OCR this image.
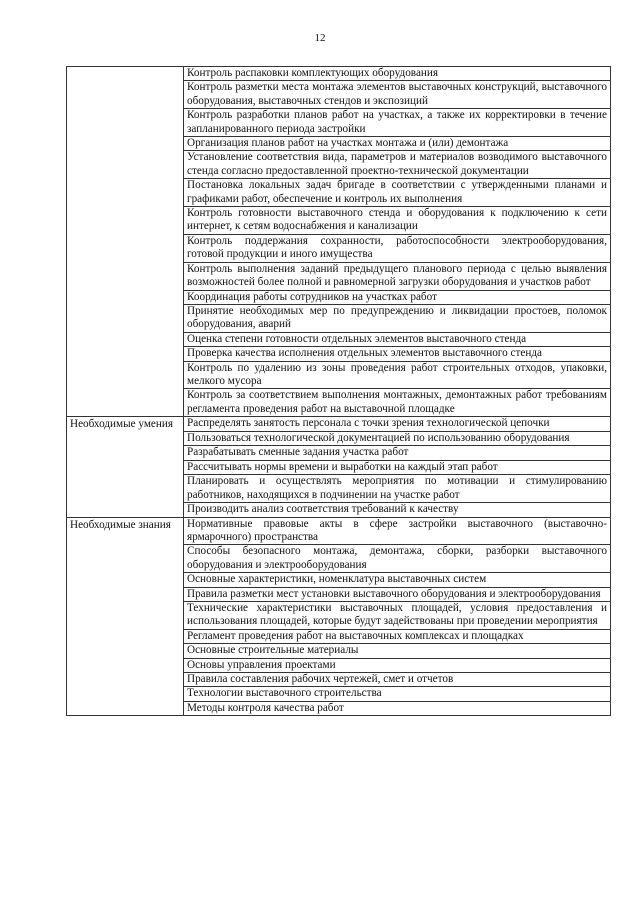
12
	Контроль распаковки комплектующих оборудования
	Контроль разметки места монтажа элементов выставочных конструкций, выставочного оборудования, выставочных стендов и экспозиций
	Контроль разработки планов работ на участках, а также их корректировки в течение запланированного периода застройки
	Организация планов работ на участках монтажа и (или) демонтажа
	Установление соответствия вида, параметров и материалов возводимого выставочного стенда согласно предоставленной проектно-технической документации
	Постановка локальных задач бригаде в соответствии с утвержденными планами и графиками работ, обеспечение и контроль их выполнения
	Контроль готовности выставочного стенда и оборудования к подключению к сети интернет, к сетям водоснабжения и канализации
	Контроль поддержания сохранности, работоспособности электрооборудования, готовой продукции и иного имущества
	Контроль выполнения заданий предыдущего планового периода с целью выявления возможностей более полной и равномерной загрузки оборудования и участков работ
	Координация работы сотрудников на участках работ
	Принятие необходимых мер по предупреждению и ликвидации простоев, поломок оборудования, аварий
	Оценка степени готовности отдельных элементов выставочного стенда
	Проверка качества исполнения отдельных элементов выставочного стенда
	Контроль по удалению из зоны проведения работ строительных отходов, упаковки, мелкого мусора
	Контроль за соответствием выполнения монтажных, демонтажных работ требованиям регламента проведения работ на выставочной площадке
Необходимые умения	Распределять занятость персонала с точки зрения технологической цепочки
	Пользоваться технологической документацией по использованию оборудования
	Разрабатывать сменные задания участка работ
	Рассчитывать нормы времени и выработки на каждый этап работ
	Планировать и осуществлять мероприятия по мотивации и стимулированию работников, находящихся в подчинении на участке работ
	Производить анализ соответствия требований к качеству
Необходимые знания	Нормативные правовые акты в сфере застройки выставочного (выставочно-ярмарочного) пространства
	Способы безопасного монтажа, демонтажа, сборки, разборки выставочного оборудования и электрооборудования
	Основные характеристики, номенклатура выставочных систем
	Правила разметки мест установки выставочного оборудования и электрооборудования
	Технические характеристики выставочных площадей, условия предоставления и использования площадей, которые будут задействованы при проведении мероприятия
	Регламент проведения работ на выставочных комплексах и площадках
	Основные строительные материалы
	Основы управления проектами
	Правила составления рабочих чертежей, смет и отчетов
	Технологии выставочного строительства
	Методы контроля качества работ
